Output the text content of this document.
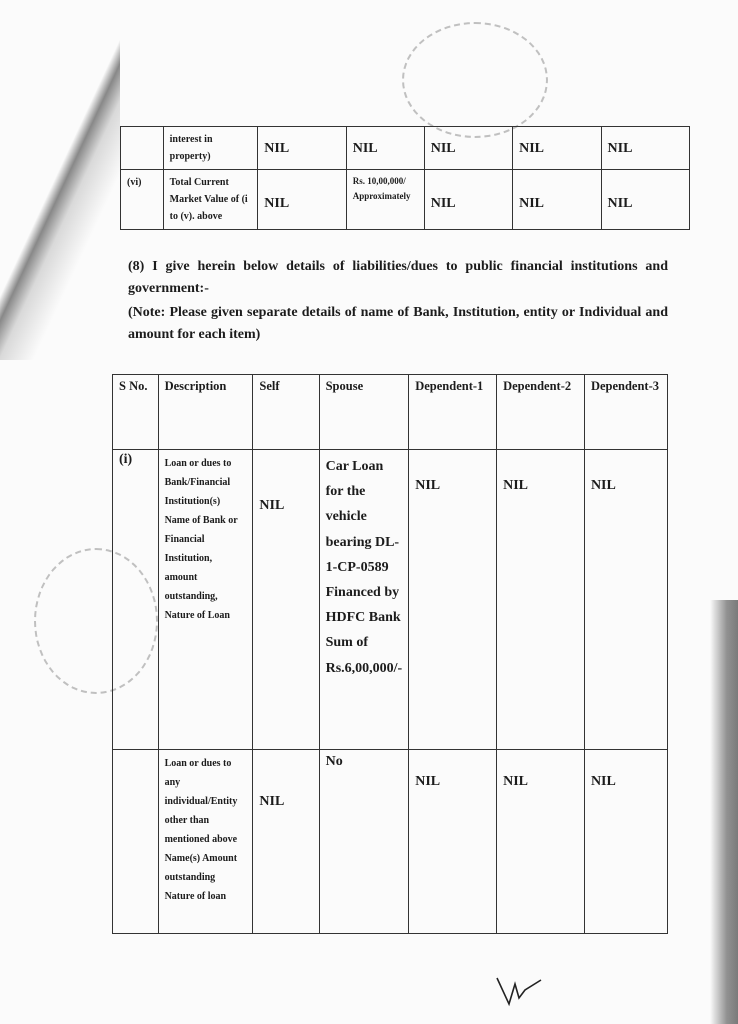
	interest in property)	NIL	NIL	NIL	NIL	NIL
(vi)	Total Current Market Value of (i to (v). above	NIL	Rs. 10,00,000/ Approximately	NIL	NIL	NIL
(8) I give herein below details of liabilities/dues to public financial institutions and government:-
(Note: Please given separate details of name of Bank, Institution, entity or Individual and amount for each item)
S No.	Description	Self	Spouse	Dependent-1	Dependent-2	Dependent-3
(i)	Loan or dues to Bank/Financial Institution(s) Name of Bank or Financial Institution, amount outstanding, Nature of Loan	NIL	Car Loan for the vehicle bearing DL-1-CP-0589 Financed by HDFC Bank Sum of Rs.6,00,000/-	NIL	NIL	NIL
	Loan or dues to any individual/Entity other than mentioned above Name(s) Amount outstanding Nature of loan	NIL	No	NIL	NIL	NIL
